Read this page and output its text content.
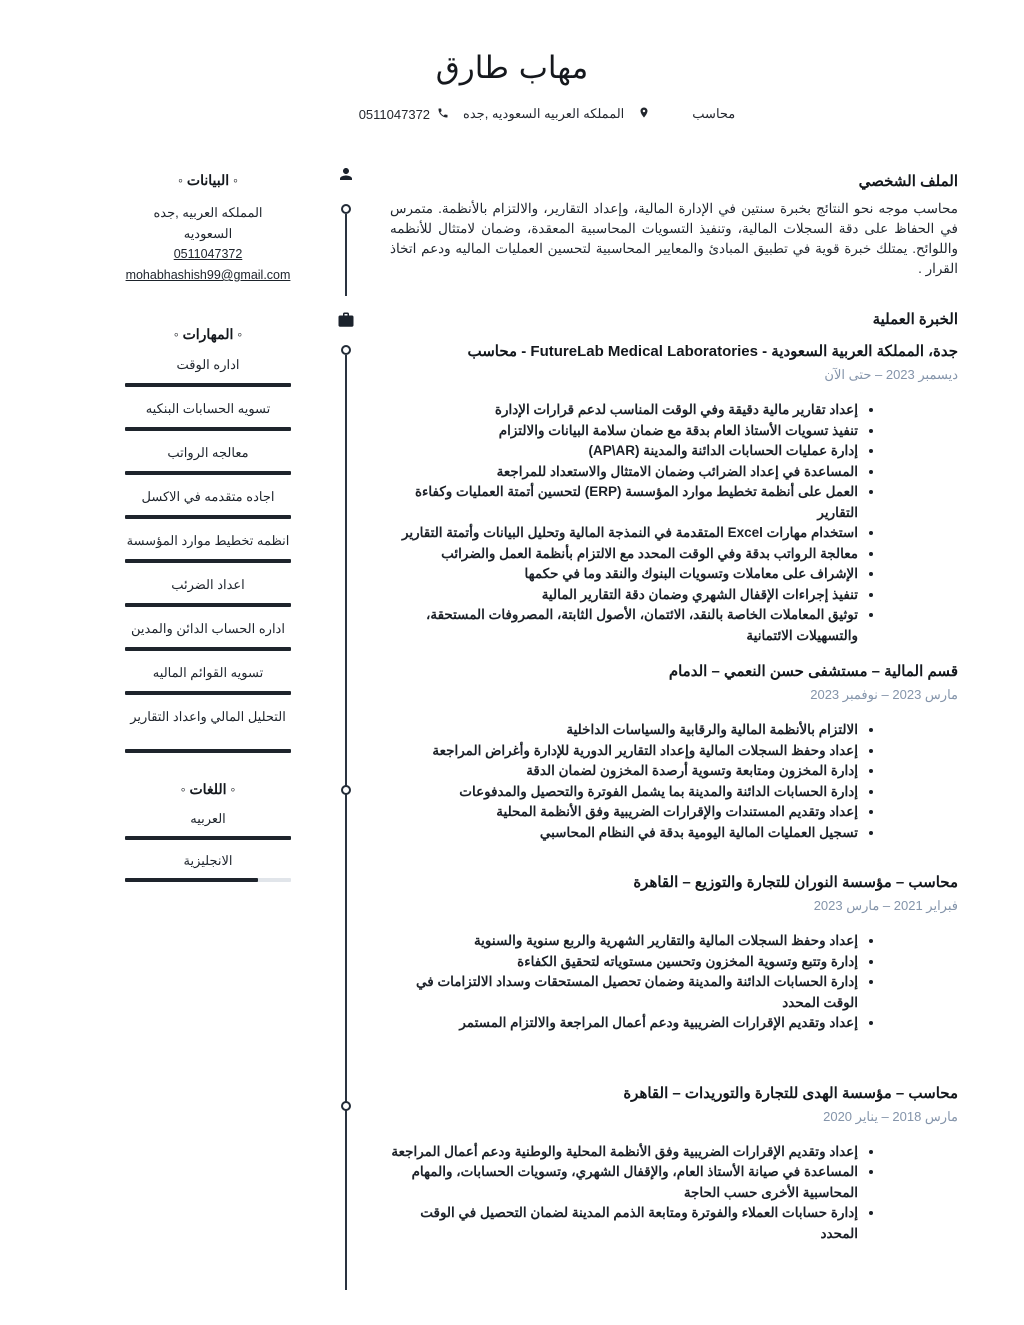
مهاب طارق
0511047372	المملكه العربيه السعوديه ,جده	محاسب
◦ البيانات ◦
المملكه العربيه ,جده
السعوديه
0511047372
mohabhashish99@gmail.com
◦ المهارات ◦
اداره الوقت
تسويه الحسابات البنكيه
معالجه الرواتب
اجاده متقدمه في الاكسل
انظمه تخطيط موارد المؤسسة
اعداد الضرئب
اداره الحساب الدائن والمدين
تسويه القوائم الماليه
التحليل المالي واعداد التقارير
◦ اللغات ◦
العربيه
الانجليزية
الملف الشخصي

محاسب موجه نحو النتائج بخبرة سنتين في الإدارة المالية، وإعداد التقارير، والالتزام بالأنظمة. متمرس في الحفاظ على دقة السجلات المالية، وتنفيذ التسويات المحاسبية المعقدة، وضمان لامتثال للأنظمه واللوائح. يمتلك خبرة قوية في تطبيق المبادئ والمعايير المحاسبية لتحسين العمليات الماليه ودعم اتخاذ القرار .

الخبرة العملية
جدة، المملكة العربية السعودية - FutureLab Medical Laboratories - محاسب
ديسمبر 2023 – حتى الآن
• إعداد تقارير مالية دقيقة وفي الوقت المناسب لدعم قرارات الإدارة
• تنفيذ تسويات الأستاذ العام بدقة مع ضمان سلامة البيانات والالتزام
• إدارة عمليات الحسابات الدائنة والمدينة (AP\AR)
• المساعدة في إعداد الضرائب وضمان الامتثال والاستعداد للمراجعة
• العمل على أنظمة تخطيط موارد المؤسسة (ERP) لتحسين أتمتة العمليات وكفاءة التقارير
• استخدام مهارات Excel المتقدمة في النمذجة المالية وتحليل البيانات وأتمتة التقارير
• معالجة الرواتب بدقة وفي الوقت المحدد مع الالتزام بأنظمة العمل والضرائب
• الإشراف على معاملات وتسويات البنوك والنقد وما في حكمها
• تنفيذ إجراءات الإقفال الشهري وضمان دقة التقارير المالية
• توثيق المعاملات الخاصة بالنقد، الائتمان، الأصول الثابتة، المصروفات المستحقة، والتسهيلات الائتمانية
قسم المالية – مستشفى حسن النعمي – الدمام
مارس 2023 – نوفمبر 2023
• الالتزام بالأنظمة المالية والرقابية والسياسات الداخلية
• إعداد وحفظ السجلات المالية وإعداد التقارير الدورية للإدارة وأغراض المراجعة
• إدارة المخزون ومتابعة وتسوية أرصدة المخزون لضمان الدقة
• إدارة الحسابات الدائنة والمدينة بما يشمل الفوترة والتحصيل والمدفوعات
• إعداد وتقديم المستندات والإقرارات الضريبية وفق الأنظمة المحلية
• تسجيل العمليات المالية اليومية بدقة في النظام المحاسبي
محاسب – مؤسسة النوران للتجارة والتوزيع – القاهرة
فبراير 2021 – مارس 2023
• إعداد وحفظ السجلات المالية والتقارير الشهرية والربع سنوية والسنوية
• إدارة وتتبع وتسوية المخزون وتحسين مستوياته لتحقيق الكفاءة
• إدارة الحسابات الدائنة والمدينة وضمان تحصيل المستحقات وسداد الالتزامات في الوقت المحدد
• إعداد وتقديم الإقرارات الضريبية ودعم أعمال المراجعة والالتزام المستمر
محاسب – مؤسسة الهدى للتجارة والتوريدات – القاهرة
مارس 2018 – يناير 2020
• إعداد وتقديم الإقرارات الضريبية وفق الأنظمة المحلية والوطنية ودعم أعمال المراجعة
• المساعدة في صيانة الأستاذ العام، والإقفال الشهري، وتسويات الحسابات، والمهام المحاسبية الأخرى حسب الحاجة
• إدارة حسابات العملاء والفوترة ومتابعة الذمم المدينة لضمان التحصيل في الوقت المحدد
